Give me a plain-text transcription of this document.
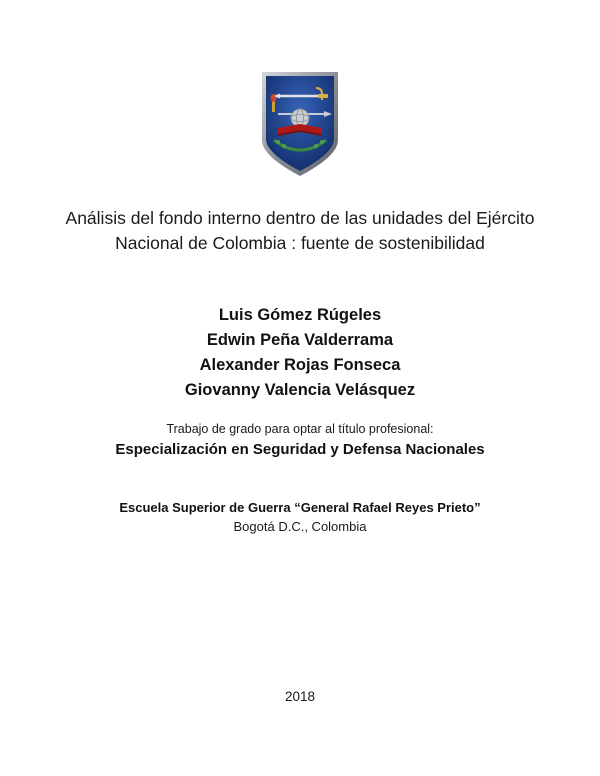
Análisis del fondo interno dentro de las unidades del Ejército Nacional de Colombia : fuente de sostenibilidad
Luis Gómez Rúgeles
Edwin Peña Valderrama
Alexander Rojas Fonseca
Giovanny Valencia Velásquez
Trabajo de grado para optar al título profesional:
Especialización en Seguridad y Defensa Nacionales
Escuela Superior de Guerra “General Rafael Reyes Prieto”
Bogotá D.C., Colombia
2018
